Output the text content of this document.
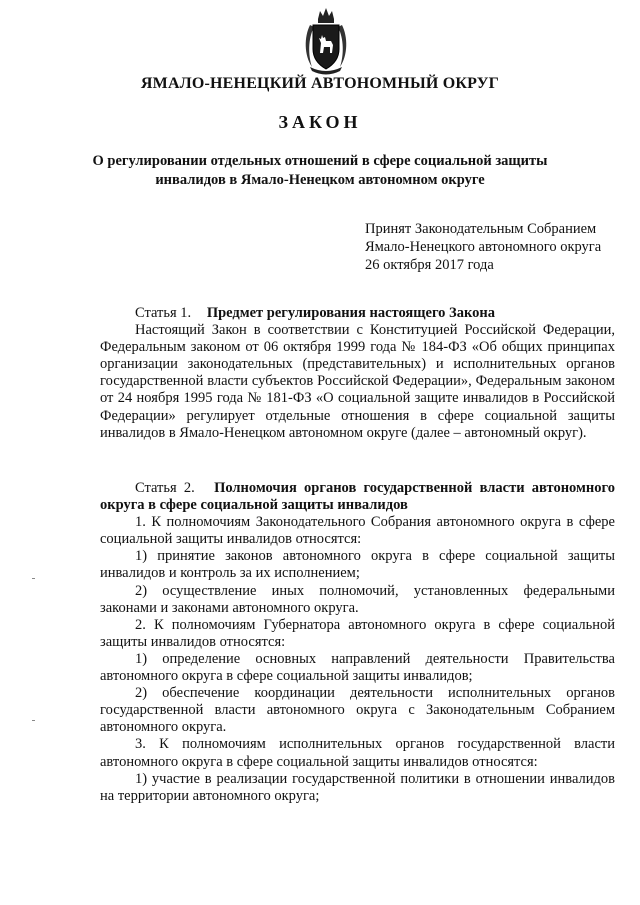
ЯМАЛО-НЕНЕЦКИЙ АВТОНОМНЫЙ ОКРУГ
ЗАКОН
О регулировании отдельных отношений в сфере социальной защиты
инвалидов в Ямало-Ненецком автономном округе
Принят Законодательным Собранием
Ямало-Ненецкого автономного округа
26 октября 2017 года

Статья 1. Предмет регулирования настоящего Закона

Настоящий Закон в соответствии с Конституцией Российской Федерации, Федеральным законом от 06 октября 1999 года № 184-ФЗ «Об общих принципах организации законодательных (представительных) и исполнительных органов государственной власти субъектов Российской Федерации», Федеральным законом от 24 ноября 1995 года № 181-ФЗ «О социальной защите инвалидов в Российской Федерации» регулирует отдельные отношения в сфере социальной защиты инвалидов в Ямало-Ненецком автономном округе (далее – автономный округ).

Статья 2. Полномочия органов государственной власти автономного округа в сфере социальной защиты инвалидов

1. К полномочиям Законодательного Собрания автономного округа в сфере социальной защиты инвалидов относятся:

1) принятие законов автономного округа в сфере социальной защиты инвалидов и контроль за их исполнением;

2) осуществление иных полномочий, установленных федеральными законами и законами автономного округа.

2. К полномочиям Губернатора автономного округа в сфере социальной защиты инвалидов относятся:

1) определение основных направлений деятельности Правительства автономного округа в сфере социальной защиты инвалидов;

2) обеспечение координации деятельности исполнительных органов государственной власти автономного округа с Законодательным Собранием автономного округа.

3. К полномочиям исполнительных органов государственной власти автономного округа в сфере социальной защиты инвалидов относятся:

1) участие в реализации государственной политики в отношении инвалидов на территории автономного округа;
